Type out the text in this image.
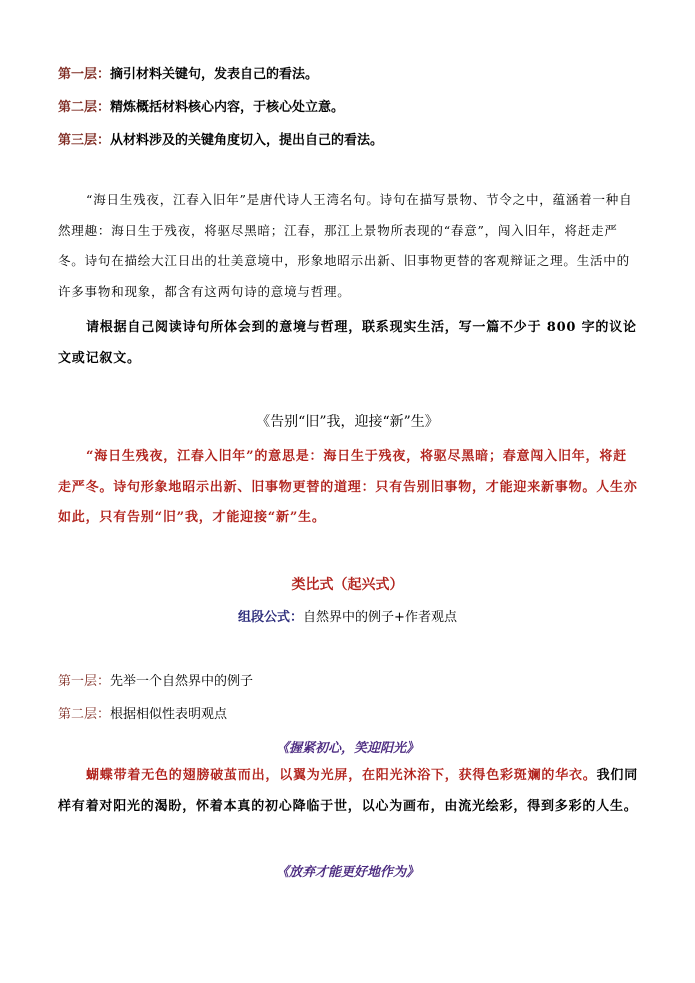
第一层：摘引材料关键句，发表自己的看法。
第二层：精炼概括材料核心内容，于核心处立意。
第三层：从材料涉及的关键角度切入，提出自己的看法。
“海日生残夜，江春入旧年”是唐代诗人王湾名句。诗句在描写景物、节令之中，蕴涵着一种自然理趣：海日生于残夜，将驱尽黑暗；江春，那江上景物所表现的“春意”，闯入旧年，将赶走严冬。诗句在描绘大江日出的壮美意境中，形象地昭示出新、旧事物更替的客观辩证之理。生活中的许多事物和现象，都含有这两句诗的意境与哲理。
请根据自己阅读诗句所体会到的意境与哲理，联系现实生活，写一篇不少于 800 字的议论文或记叙文。
《告别“旧”我，迎接“新”生》
“海日生残夜，江春入旧年”的意思是：海日生于残夜，将驱尽黑暗；春意闯入旧年，将赶走严冬。诗句形象地昭示出新、旧事物更替的道理：只有告别旧事物，才能迎来新事物。人生亦如此，只有告别“旧”我，才能迎接“新”生。
类比式（起兴式）
组段公式：自然界中的例子+作者观点
第一层：先举一个自然界中的例子
第二层：根据相似性表明观点
《握紧初心，笑迎阳光》
蝴蝶带着无色的翅膀破茧而出，以翼为光屏，在阳光沐浴下，获得色彩斑斓的华衣。我们同样有着对阳光的渴盼，怀着本真的初心降临于世，以心为画布，由流光绘彩，得到多彩的人生。
《放弃才能更好地作为》
